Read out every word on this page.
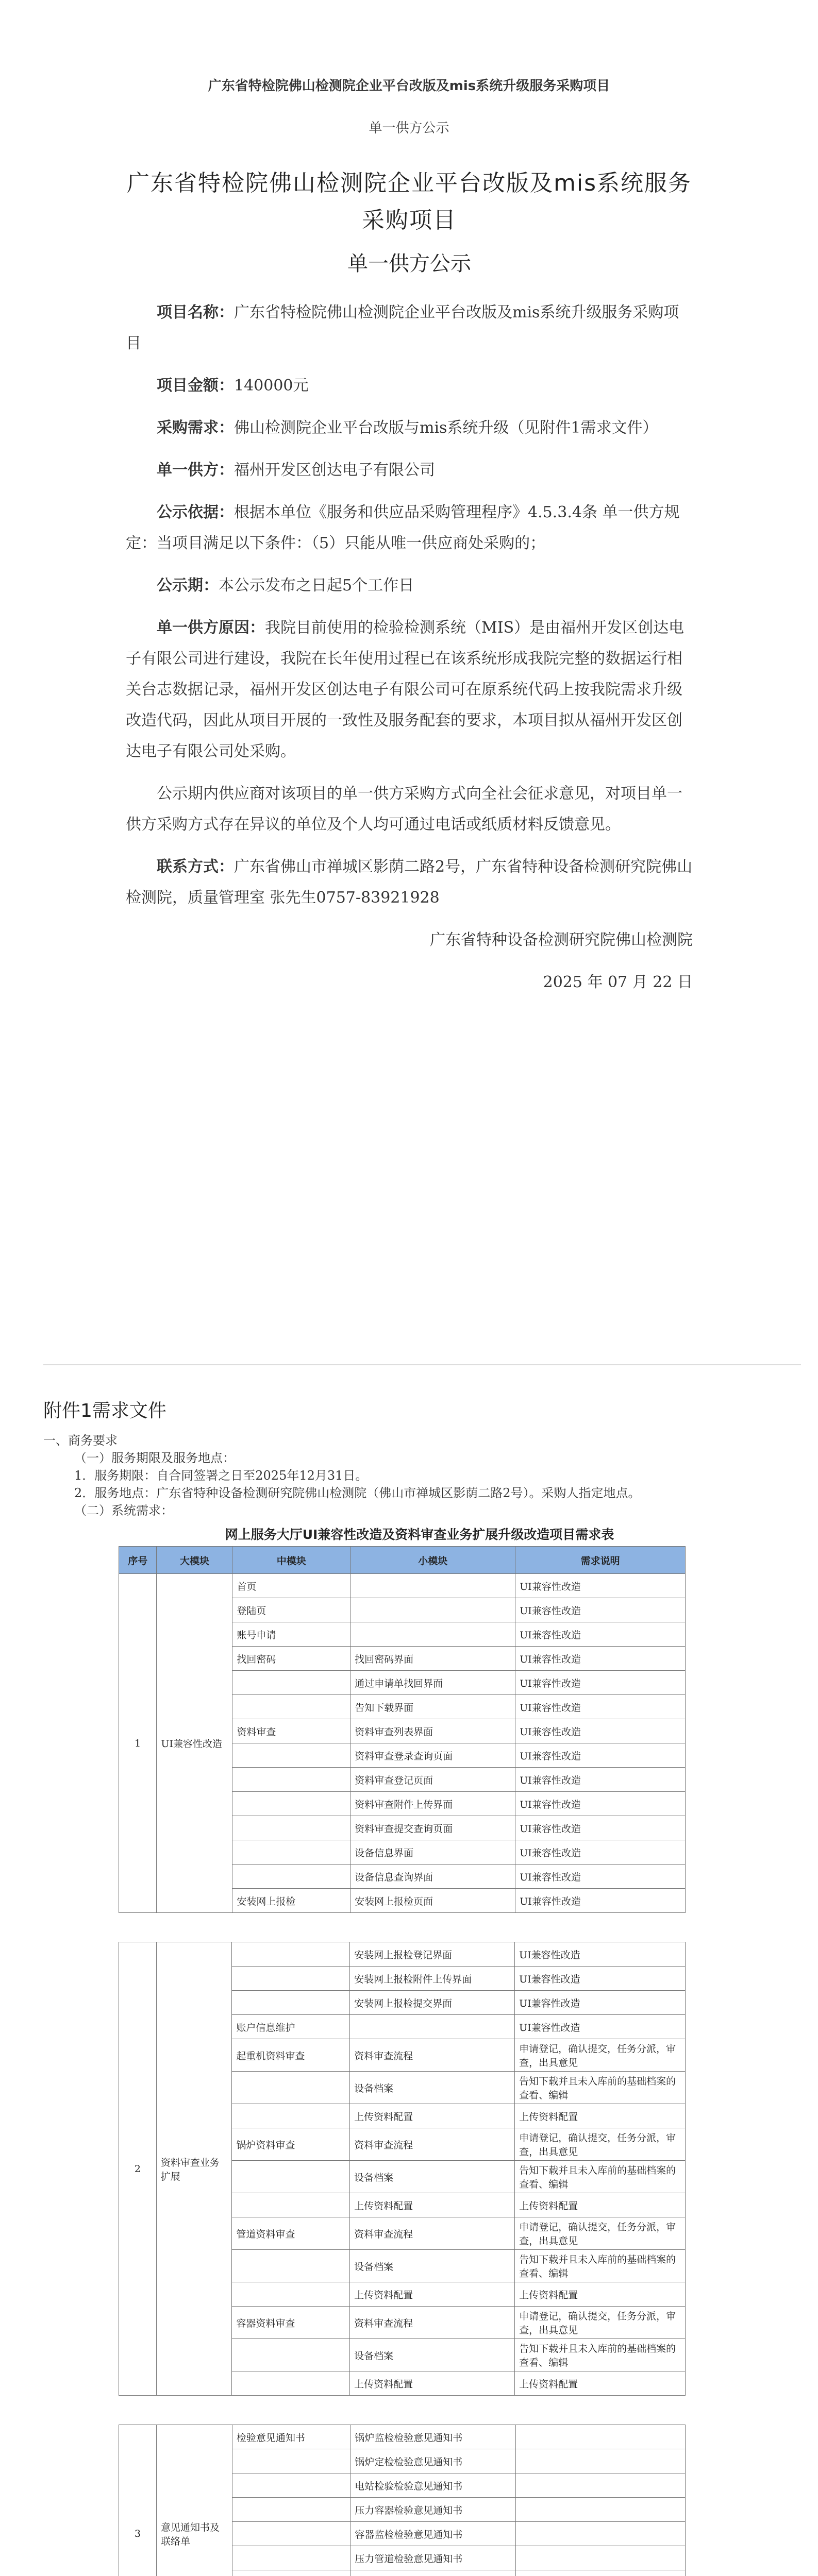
广东省特检院佛山检测院企业平台改版及mis系统升级服务采购项目
单一供方公示
广东省特检院佛山检测院企业平台改版及mis系统服务采购项目
单一供方公示

项目名称：广东省特检院佛山检测院企业平台改版及mis系统升级服务采购项目

项目金额：140000元

采购需求：佛山检测院企业平台改版与mis系统升级（见附件1需求文件）

单一供方：福州开发区创达电子有限公司

公示依据：根据本单位《服务和供应品采购管理程序》4.5.3.4条 单一供方规定：当项目满足以下条件：（5）只能从唯一供应商处采购的；

公示期：本公示发布之日起5个工作日

单一供方原因：我院目前使用的检验检测系统（MIS）是由福州开发区创达电子有限公司进行建设，我院在长年使用过程已在该系统形成我院完整的数据运行相关台志数据记录，福州开发区创达电子有限公司可在原系统代码上按我院需求升级改造代码，因此从项目开展的一致性及服务配套的要求，本项目拟从福州开发区创达电子有限公司处采购。

公示期内供应商对该项目的单一供方采购方式向全社会征求意见，对项目单一供方采购方式存在异议的单位及个人均可通过电话或纸质材料反馈意见。

联系方式：广东省佛山市禅城区影荫二路2号，广东省特种设备检测研究院佛山检测院，质量管理室 张先生0757-83921928

广东省特种设备检测研究院佛山检测院

2025 年 07 月 22 日

附件1需求文件

一、商务要求

（一）服务期限及服务地点：

1．服务期限：自合同签署之日至2025年12月31日。

2．服务地点：广东省特种设备检测研究院佛山检测院（佛山市禅城区影荫二路2号）。采购人指定地点。

（二）系统需求：

网上服务大厅UI兼容性改造及资料审查业务扩展升级改造项目需求表
序号	大模块	中模块	小模块	需求说明
1	UI兼容性改造	首页		UI兼容性改造
		登陆页		UI兼容性改造
		账号申请		UI兼容性改造
		找回密码	找回密码界面	UI兼容性改造
			通过申请单找回界面	UI兼容性改造
			告知下载界面	UI兼容性改造
		资料审查	资料审查列表界面	UI兼容性改造
			资料审查登录查询页面	UI兼容性改造
			资料审查登记页面	UI兼容性改造
			资料审查附件上传界面	UI兼容性改造
			资料审查提交查询页面	UI兼容性改造
			设备信息界面	UI兼容性改造
			设备信息查询界面	UI兼容性改造
		安装网上报检	安装网上报检页面	UI兼容性改造
2	资料审查业务扩展		安装网上报检登记界面	UI兼容性改造
			安装网上报检附件上传界面	UI兼容性改造
			安装网上报检提交界面	UI兼容性改造
		账户信息维护		UI兼容性改造
		起重机资料审查	资料审查流程	申请登记，确认提交，任务分派，审查，出具意见
			设备档案	告知下载并且未入库前的基础档案的查看、编辑
			上传资料配置	上传资料配置
		锅炉资料审查	资料审查流程	申请登记，确认提交，任务分派，审查，出具意见
			设备档案	告知下载并且未入库前的基础档案的查看、编辑
			上传资料配置	上传资料配置
		管道资料审查	资料审查流程	申请登记，确认提交，任务分派，审查，出具意见
			设备档案	告知下载并且未入库前的基础档案的查看、编辑
			上传资料配置	上传资料配置
		容器资料审查	资料审查流程	申请登记，确认提交，任务分派，审查，出具意见
			设备档案	告知下载并且未入库前的基础档案的查看、编辑
			上传资料配置	上传资料配置
3	意见通知书及联络单	检验意见通知书	锅炉监检检验意见通知书	
			锅炉定检检验意见通知书	
			电站检验检验意见通知书	
			压力容器检验意见通知书	
			容器监检检验意见通知书	
			压力管道检验意见通知书	
